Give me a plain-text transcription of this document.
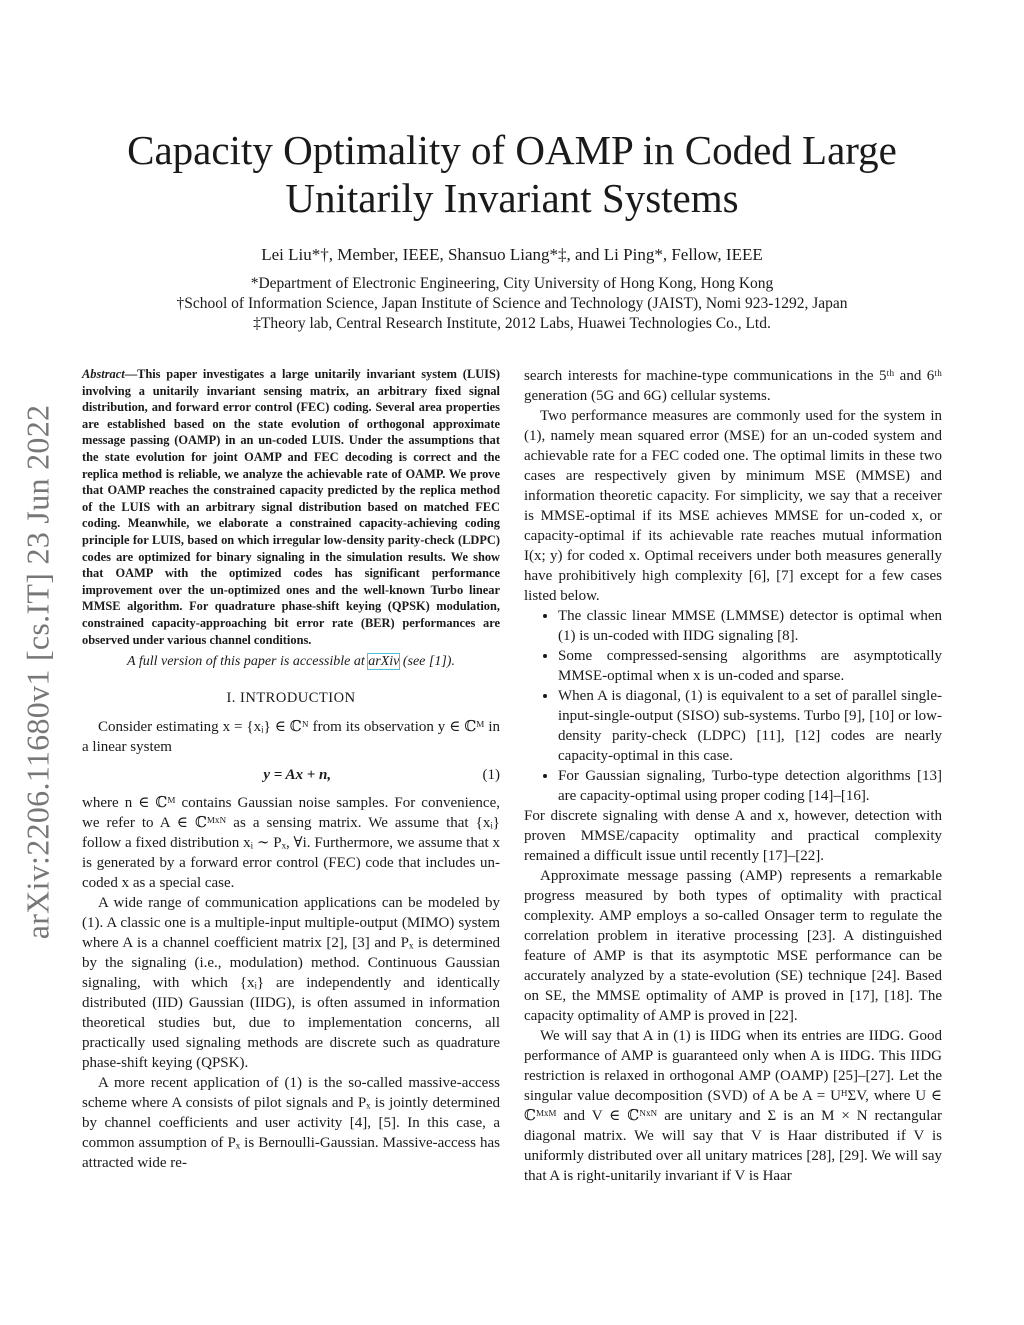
arXiv:2206.11680v1 [cs.IT] 23 Jun 2022
Capacity Optimality of OAMP in Coded Large
Unitarily Invariant Systems
Lei Liu*†, Member, IEEE, Shansuo Liang*‡, and Li Ping*, Fellow, IEEE
*Department of Electronic Engineering, City University of Hong Kong, Hong Kong
†School of Information Science, Japan Institute of Science and Technology (JAIST), Nomi 923-1292, Japan
‡Theory lab, Central Research Institute, 2012 Labs, Huawei Technologies Co., Ltd.
Abstract—This paper investigates a large unitarily invariant system (LUIS) involving a unitarily invariant sensing matrix, an arbitrary fixed signal distribution, and forward error control (FEC) coding. Several area properties are established based on the state evolution of orthogonal approximate message passing (OAMP) in an un-coded LUIS. Under the assumptions that the state evolution for joint OAMP and FEC decoding is correct and the replica method is reliable, we analyze the achievable rate of OAMP. We prove that OAMP reaches the constrained capacity predicted by the replica method of the LUIS with an arbitrary signal distribution based on matched FEC coding. Meanwhile, we elaborate a constrained capacity-achieving coding principle for LUIS, based on which irregular low-density parity-check (LDPC) codes are optimized for binary signaling in the simulation results. We show that OAMP with the optimized codes has significant performance improvement over the un-optimized ones and the well-known Turbo linear MMSE algorithm. For quadrature phase-shift keying (QPSK) modulation, constrained capacity-approaching bit error rate (BER) performances are observed under various channel conditions.
A full version of this paper is accessible at arXiv (see [1]).
I. INTRODUCTION

Consider estimating x = {xᵢ} ∈ ℂᴺ from its observation y ∈ ℂᴹ in a linear system

y = Ax + n,	(1)

where n ∈ ℂᴹ contains Gaussian noise samples. For convenience, we refer to A ∈ ℂᴹˣᴺ as a sensing matrix. We assume that {xᵢ} follow a fixed distribution xᵢ ∼ Pₓ, ∀i. Furthermore, we assume that x is generated by a forward error control (FEC) code that includes un-coded x as a special case.

A wide range of communication applications can be modeled by (1). A classic one is a multiple-input multiple-output (MIMO) system where A is a channel coefficient matrix [2], [3] and Pₓ is determined by the signaling (i.e., modulation) method. Continuous Gaussian signaling, with which {xᵢ} are independently and identically distributed (IID) Gaussian (IIDG), is often assumed in information theoretical studies but, due to implementation concerns, all practically used signaling methods are discrete such as quadrature phase-shift keying (QPSK).

A more recent application of (1) is the so-called massive-access scheme where A consists of pilot signals and Pₓ is jointly determined by channel coefficients and user activity [4], [5]. In this case, a common assumption of Pₓ is Bernoulli-Gaussian. Massive-access has attracted wide re-

search interests for machine-type communications in the 5ᵗʰ and 6ᵗʰ generation (5G and 6G) cellular systems.

Two performance measures are commonly used for the system in (1), namely mean squared error (MSE) for an un-coded system and achievable rate for a FEC coded one. The optimal limits in these two cases are respectively given by minimum MSE (MMSE) and information theoretic capacity. For simplicity, we say that a receiver is MMSE-optimal if its MSE achieves MMSE for un-coded x, or capacity-optimal if its achievable rate reaches mutual information I(x; y) for coded x. Optimal receivers under both measures generally have prohibitively high complexity [6], [7] except for a few cases listed below.

• The classic linear MMSE (LMMSE) detector is optimal when (1) is un-coded with IIDG signaling [8].
• Some compressed-sensing algorithms are asymptotically MMSE-optimal when x is un-coded and sparse.
• When A is diagonal, (1) is equivalent to a set of parallel single-input-single-output (SISO) sub-systems. Turbo [9], [10] or low-density parity-check (LDPC) [11], [12] codes are nearly capacity-optimal in this case.
• For Gaussian signaling, Turbo-type detection algorithms [13] are capacity-optimal using proper coding [14]–[16].

For discrete signaling with dense A and x, however, detection with proven MMSE/capacity optimality and practical complexity remained a difficult issue until recently [17]–[22].

Approximate message passing (AMP) represents a remarkable progress measured by both types of optimality with practical complexity. AMP employs a so-called Onsager term to regulate the correlation problem in iterative processing [23]. A distinguished feature of AMP is that its asymptotic MSE performance can be accurately analyzed by a state-evolution (SE) technique [24]. Based on SE, the MMSE optimality of AMP is proved in [17], [18]. The capacity optimality of AMP is proved in [22].

We will say that A in (1) is IIDG when its entries are IIDG. Good performance of AMP is guaranteed only when A is IIDG. This IIDG restriction is relaxed in orthogonal AMP (OAMP) [25]–[27]. Let the singular value decomposition (SVD) of A be A = UᴴΣV, where U ∈ ℂᴹˣᴹ and V ∈ ℂᴺˣᴺ are unitary and Σ is an M × N rectangular diagonal matrix. We will say that V is Haar distributed if V is uniformly distributed over all unitary matrices [28], [29]. We will say that A is right-unitarily invariant if V is Haar
